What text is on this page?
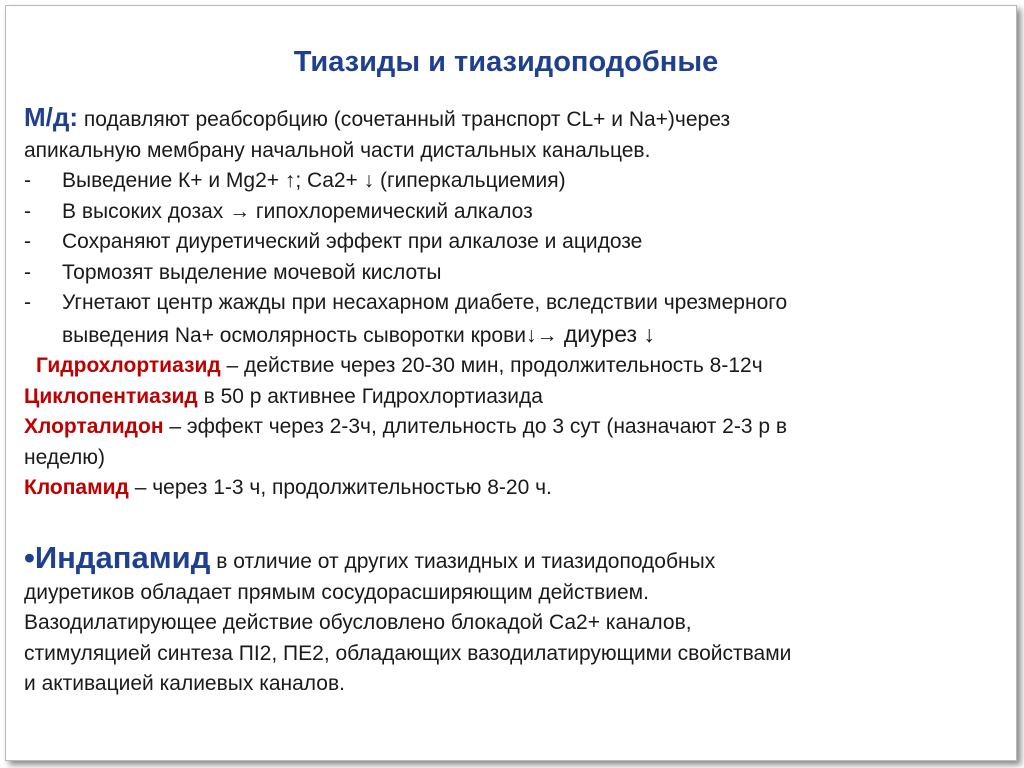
Тиазиды и тиазидоподобные
М/д: подавляют реабсорбцию (сочетанный транспорт CL+ и Na+)через
апикальную мембрану начальной части дистальных канальцев.
-	Выведение К+ и Mg2+ ↑; Ca2+ ↓ (гиперкальциемия)
-	В высоких дозах → гипохлоремический алкалоз
-	Сохраняют диуретический эффект при алкалозе и ацидозе
-	Тормозят выделение мочевой кислоты
-	Угнетают центр жажды при несахарном диабете, вследствии чрезмерного
выведения Na+ осмолярность сыворотки крови↓→ диурез ↓
Гидрохлортиазид – действие через 20-30 мин, продолжительность 8-12ч
Циклопентиазид в 50 р активнее Гидрохлортиазида
Хлорталидон – эффект через 2-3ч, длительность до 3 сут (назначают 2-3 р в
неделю)
Клопамид – через 1-3 ч, продолжительностью 8-20 ч.
•Индапамид в отличие от других тиазидных и тиазидоподобных
диуретиков обладает прямым сосудорасширяющим действием.
Вазодилатирующее действие обусловлено блокадой Са2+ каналов,
стимуляцией синтеза ПI2, ПЕ2, обладающих вазодилатирующими свойствами
и активацией калиевых каналов.
